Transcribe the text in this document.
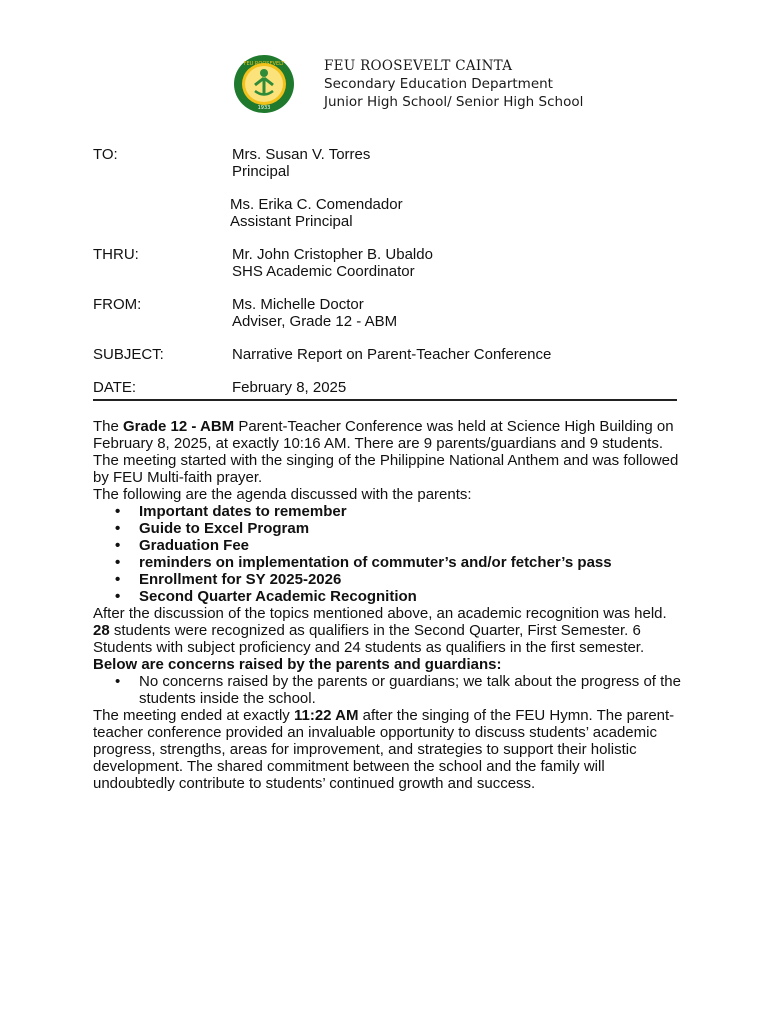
FEU ROOSEVELT
1933
FEU ROOSEVELT CAINTA
Secondary Education Department
Junior High School/ Senior High School
TO:	Mrs. Susan V. Torres
Principal
Ms. Erika C. Comendador
Assistant Principal
THRU:	Mr. John Cristopher B. Ubaldo
SHS Academic Coordinator
FROM:	Ms. Michelle Doctor
Adviser, Grade 12 - ABM
SUBJECT:	Narrative Report on Parent-Teacher Conference
DATE:	February 8, 2025

The Grade 12 - ABM Parent-Teacher Conference was held at Science High Building on February 8, 2025, at exactly 10:16 AM. There are 9 parents/guardians and 9 students. The meeting started with the singing of the Philippine National Anthem and was followed by FEU Multi-faith prayer.

The following are the agenda discussed with the parents:

• Important dates to remember
• Guide to Excel Program
• Graduation Fee
• reminders on implementation of commuter’s and/or fetcher’s pass
• Enrollment for SY 2025-2026
• Second Quarter Academic Recognition

After the discussion of the topics mentioned above, an academic recognition was held. 28 students were recognized as qualifiers in the Second Quarter, First Semester. 6 Students with subject proficiency and 24 students as qualifiers in the first semester.

Below are concerns raised by the parents and guardians:

• No concerns raised by the parents or guardians; we talk about the progress of the students inside the school.

The meeting ended at exactly 11:22 AM after the singing of the FEU Hymn. The parent-teacher conference provided an invaluable opportunity to discuss students’ academic progress, strengths, areas for improvement, and strategies to support their holistic development. The shared commitment between the school and the family will undoubtedly contribute to students’ continued growth and success.
